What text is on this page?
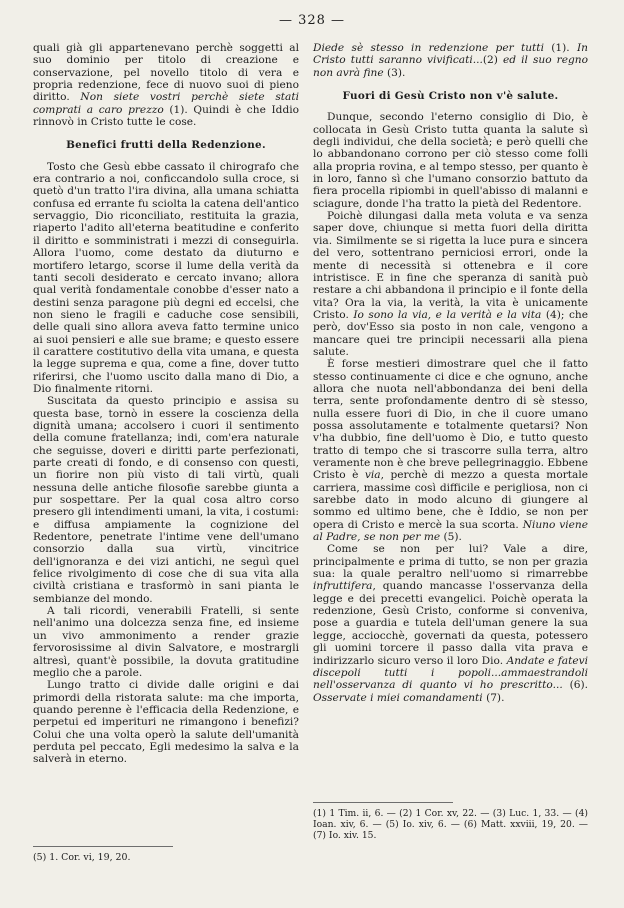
— 328 —

quali già gli appartenevano perchè soggetti al suo dominio per titolo di creazione e conservazione, pel novello titolo di vera e propria redenzione, fece di nuovo suoi di pieno diritto. Non siete vostri perchè siete stati comprati a caro prezzo (1). Quindi è che Iddio rinnovò in Cristo tutte le cose.

Benefici frutti della Redenzione.

Tosto che Gesù ebbe cassato il chirografo che era contrario a noi, conficcandolo sulla croce, si quetò d'un tratto l'ira divina, alla umana schiatta confusa ed errante fu sciolta la catena dell'antico servaggio, Dio riconciliato, restituita la grazia, riaperto l'adito all'eterna beatitudine e conferito il diritto e somministrati i mezzi di conseguirla. Allora l'uomo, come destato da diuturno e mortifero letargo, scorse il lume della verità da tanti secoli desiderato e cercato invano; allora qual verità fondamentale conobbe d'esser nato a destini senza paragone più degni ed eccelsi, che non sieno le fragili e caduche cose sensibili, delle quali sino allora aveva fatto termine unico ai suoi pensieri e alle sue brame; e questo essere il carattere costitutivo della vita umana, e questa la legge suprema e qua, come a fine, dover tutto riferirsi, che l'uomo uscito dalla mano di Dio, a Dio finalmente ritorni.

Suscitata da questo principio e assisa su questa base, tornò in essere la coscienza della dignità umana; accolsero i cuori il sentimento della comune fratellanza; indi, com'era naturale che seguisse, doveri e diritti parte perfezionati, parte creati di fondo, e di consenso con questi, un fiorire non più visto di tali virtù, quali nessuna delle antiche filosofie sarebbe giunta a pur sospettare. Per la qual cosa altro corso presero gli intendimenti umani, la vita, i costumi: e diffusa ampiamente la cognizione del Redentore, penetrate l'intime vene dell'umano consorzio dalla sua virtù, vincitrice dell'ignoranza e dei vizi antichi, ne seguì quel felice rivolgimento di cose che di sua vita alla civiltà cristiana e trasformò in sani pianta le sembianze del mondo.

A tali ricordi, venerabili Fratelli, si sente nell'animo una dolcezza senza fine, ed insieme un vivo ammonimento a render grazie fervorosissime al divin Salvatore, e mostrargli altresì, quant'è possibile, la dovuta gratitudine meglio che a parole.

Lungo tratto ci divide dalle origini e dai primordi della ristorata salute: ma che importa, quando perenne è l'efficacia della Redenzione, e perpetui ed imperituri ne rimangono i benefizi? Colui che una volta operò la salute dell'umanità perduta pel peccato, Egli medesimo la salva e la salverà in eterno.

(5) 1. Cor. vi, 19, 20.

Diede sè stesso in redenzione per tutti (1). In Cristo tutti saranno vivificati...(2) ed il suo regno non avrà fine (3).

Fuori di Gesù Cristo non v'è salute.

Dunque, secondo l'eterno consiglio di Dio, è collocata in Gesù Cristo tutta quanta la salute sì degli individui, che della società; e però quelli che lo abbandonano corrono per ciò stesso come folli alla propria rovina, e al tempo stesso, per quanto è in loro, fanno sì che l'umano consorzio battuto da fiera procella ripiombi in quell'abisso di malanni e sciagure, donde l'ha tratto la pietà del Redentore.

Poichè dilungasi dalla meta voluta e va senza saper dove, chiunque si metta fuori della diritta via. Similmente se si rigetta la luce pura e sincera del vero, sottentrano perniciosi errori, onde la mente di necessità si ottenebra e il core intristisce. E in fine che speranza di sanità può restare a chi abbandona il principio e il fonte della vita? Ora la via, la verità, la vita è unicamente Cristo. Io sono la via, e la verità e la vita (4); che però, dov'Esso sia posto in non cale, vengono a mancare quei tre principii necessarii alla piena salute.

È forse mestieri dimostrare quel che il fatto stesso continuamente ci dice e che ognuno, anche allora che nuota nell'abbondanza dei beni della terra, sente profondamente dentro di sè stesso, nulla essere fuori di Dio, in che il cuore umano possa assolutamente e totalmente quetarsi? Non v'ha dubbio, fine dell'uomo è Dio, e tutto questo tratto di tempo che si trascorre sulla terra, altro veramente non è che breve pellegrinaggio. Ebbene Cristo è via, perchè di mezzo a questa mortale carriera, massime così difficile e perigliosa, non ci sarebbe dato in modo alcuno di giungere al sommo ed ultimo bene, che è Iddio, se non per opera di Cristo e mercè la sua scorta. Niuno viene al Padre, se non per me (5).

Come se non per lui? Vale a dire, principalmente e prima di tutto, se non per grazia sua: la quale peraltro nell'uomo si rimarrebbe infruttifera, quando mancasse l'osservanza della legge e dei precetti evangelici. Poichè operata la redenzione, Gesù Cristo, conforme si conveniva, pose a guardia e tutela dell'uman genere la sua legge, acciocchè, governati da questa, potessero gli uomini torcere il passo dalla vita prava e indirizzarlo sicuro verso il loro Dio. Andate e fatevi discepoli tutti i popoli...ammaestrandoli nell'osservanza di quanto vi ho prescritto... (6). Osservate i miei comandamenti (7).

(1) 1 Tim. ii, 6. — (2) 1 Cor. xv, 22. — (3) Luc. 1, 33. — (4) Ioan. xiv, 6. — (5) Io. xiv, 6. — (6) Matt. xxviii, 19, 20. — (7) Io. xiv. 15.
